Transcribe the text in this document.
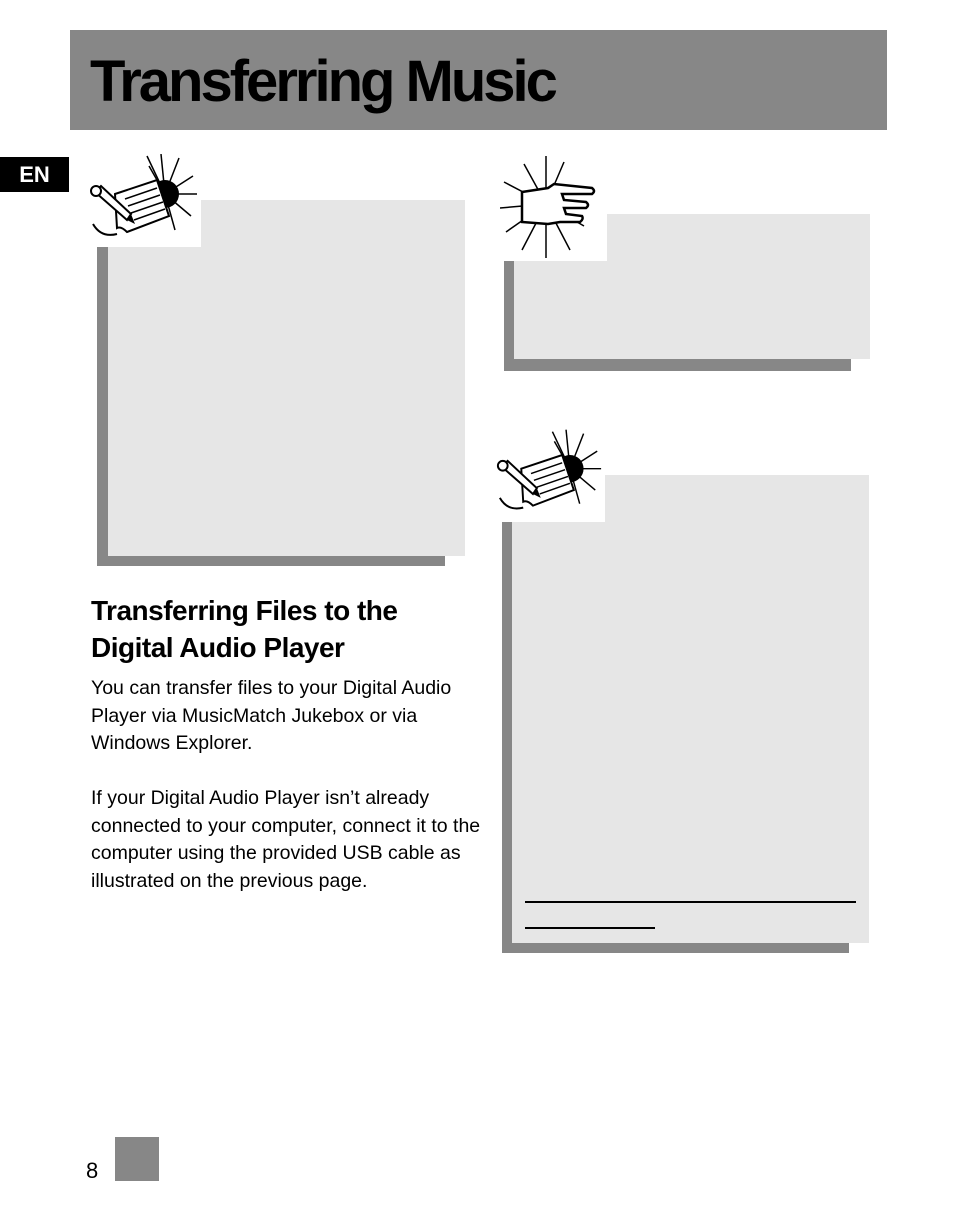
Transferring Music
EN
Transferring Files to the
Digital Audio Player

You can transfer files to your Digital Audio Player via MusicMatch Jukebox or via Windows Explorer.

If your Digital Audio Player isn’t already connected to your computer, connect it to the computer using the provided USB cable as illustrated on the previous page.

8
